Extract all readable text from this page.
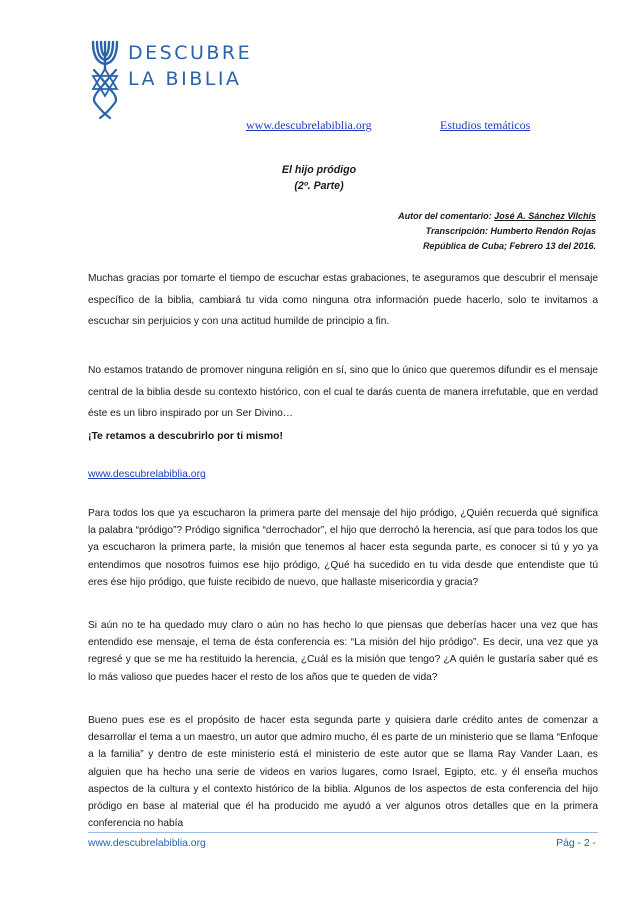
DESCUBRE
LA BIBLIA
www.descubrelabiblia.org	Estudios temáticos
El hijo pródigo
(2º. Parte)
Autor del comentario: José A. Sánchez Vilchis
Transcripción: Humberto Rendón Rojas
República de Cuba; Febrero 13 del 2016.
Muchas gracias por tomarte el tiempo de escuchar estas grabaciones, te aseguramos que descubrir el mensaje específico de la biblia, cambiará tu vida como ninguna otra información puede hacerlo, solo te invitamos a escuchar sin perjuicios y con una actitud humilde de principio a fin.
No estamos tratando de promover ninguna religión en sí, sino que lo único que queremos difundir es el mensaje central de la biblia desde su contexto histórico, con el cual te darás cuenta de manera irrefutable, que en verdad éste es un libro inspirado por un Ser Divino…
¡Te retamos a descubrirlo por ti mismo!
www.descubrelabiblia.org
Para todos los que ya escucharon la primera parte del mensaje del hijo pródigo, ¿Quién recuerda qué significa la palabra “pródigo”? Pródigo significa “derrochador”, el hijo que derrochó la herencia, así que para todos los que ya escucharon la primera parte, la misión que tenemos al hacer esta segunda parte, es conocer si tú y yo ya entendimos que nosotros fuimos ese hijo pródigo, ¿Qué ha sucedido en tu vida desde que entendiste que tú eres ése hijo pródigo, que fuiste recibido de nuevo, que hallaste misericordia y gracia?
Si aún no te ha quedado muy claro o aún no has hecho lo que piensas que deberías hacer una vez que has entendido ese mensaje, el tema de ésta conferencia es: “La misión del hijo pródigo”. Es decir, una vez que ya regresé y que se me ha restituido la herencia, ¿Cuál es la misión que tengo? ¿A quién le gustaría saber qué es lo más valioso que puedes hacer el resto de los años que te queden de vida?
Bueno pues ese es el propósito de hacer esta segunda parte y quisiera darle crédito antes de comenzar a desarrollar el tema a un maestro, un autor que admiro mucho, él es parte de un ministerio que se llama “Enfoque a la familia” y dentro de este ministerio está el ministerio de este autor que se llama Ray Vander Laan, es alguien que ha hecho una serie de videos en varios lugares, como Israel, Egipto, etc. y él enseña muchos aspectos de la cultura y el contexto histórico de la biblia. Algunos de los aspectos de esta conferencia del hijo pródigo en base al material que él ha producido me ayudó a ver algunos otros detalles que en la primera conferencia no había
www.descubrelabiblia.org	Pág - 2 -
